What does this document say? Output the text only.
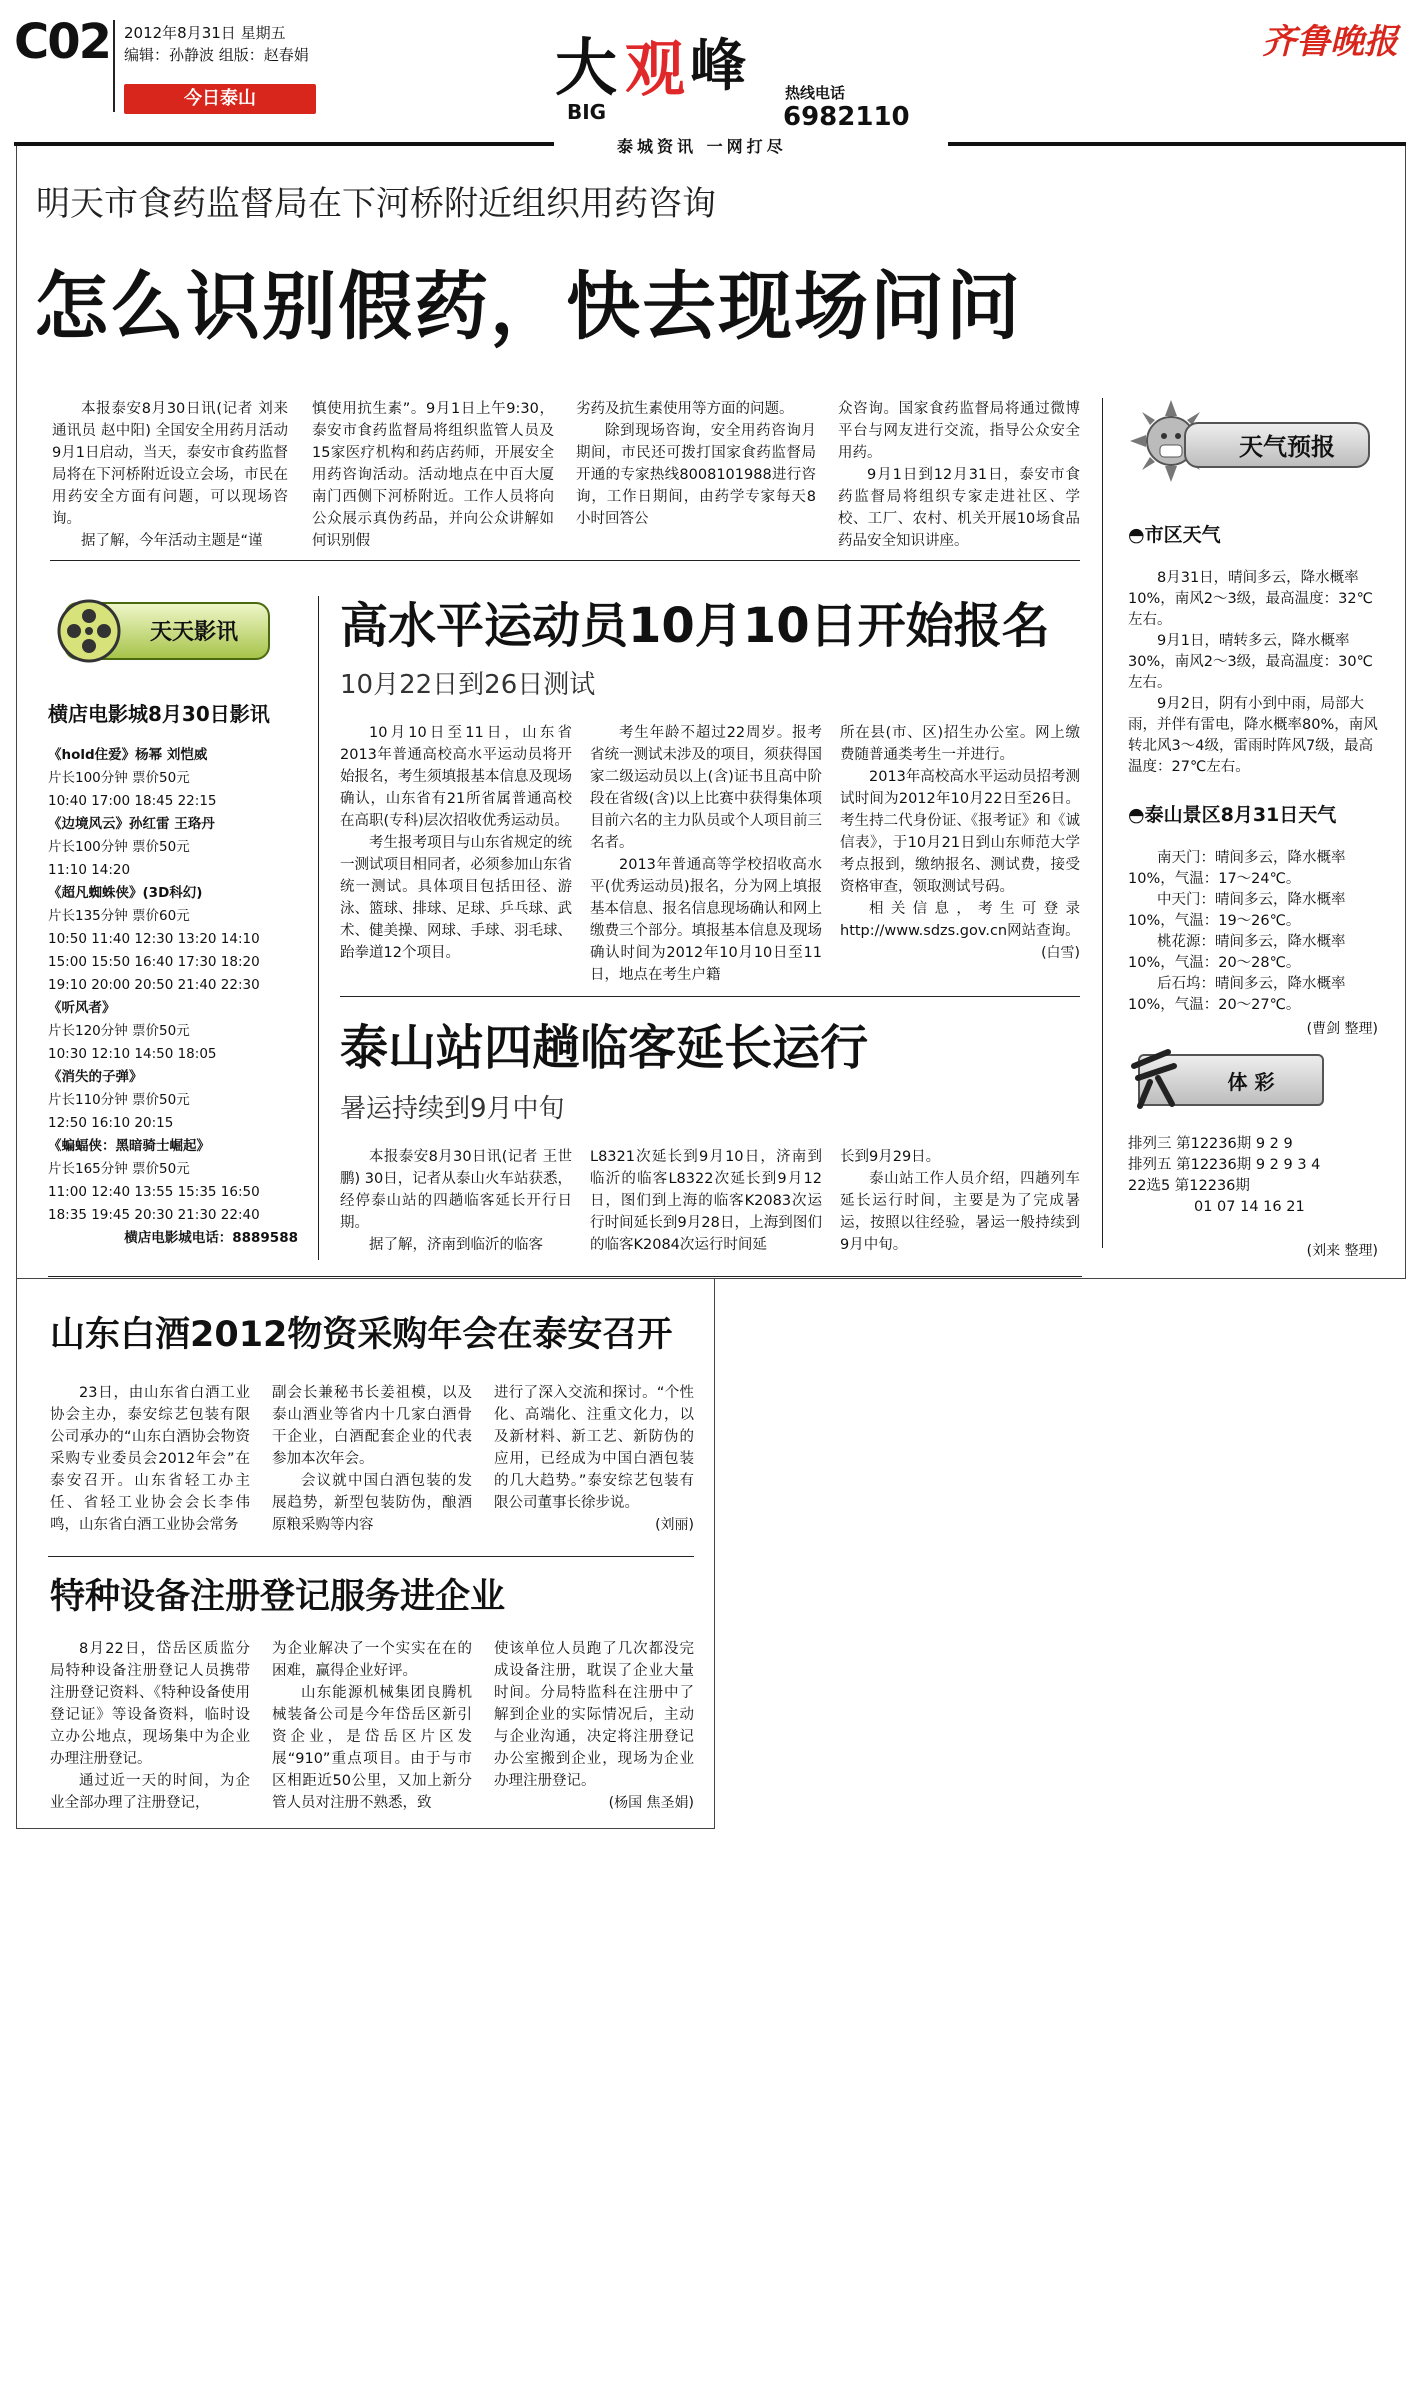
C02 2012年8月31日 星期五
编辑：孙静波 组版：赵春娟
今日泰山	大 观 峰
BIG
热线电话
6982110
泰城资讯 一网打尽
齐鲁晚报
明天市食药监督局在下河桥附近组织用药咨询
怎么识别假药，快去现场问问

本报泰安8月30日讯(记者 刘来 通讯员 赵中阳) 全国安全用药月活动9月1日启动，当天，泰安市食药监督局将在下河桥附近设立会场，市民在用药安全方面有问题，可以现场咨询。

据了解，今年活动主题是“谨

慎使用抗生素”。9月1日上午9:30，泰安市食药监督局将组织监管人员及15家医疗机构和药店药师，开展安全用药咨询活动。活动地点在中百大厦南门西侧下河桥附近。工作人员将向公众展示真伪药品，并向公众讲解如何识别假

劣药及抗生素使用等方面的问题。

除到现场咨询，安全用药咨询月期间，市民还可拨打国家食药监督局开通的专家热线8008101988进行咨询，工作日期间，由药学专家每天8小时回答公

众咨询。国家食药监督局将通过微博平台与网友进行交流，指导公众安全用药。

9月1日到12月31日，泰安市食药监督局将组织专家走进社区、学校、工厂、农村、机关开展10场食品药品安全知识讲座。

天气预报
◓市区天气

8月31日，晴间多云，降水概率10%，南风2～3级，最高温度：32℃左右。

9月1日，晴转多云，降水概率30%，南风2～3级，最高温度：30℃左右。

9月2日，阴有小到中雨，局部大雨，并伴有雷电，降水概率80%，南风转北风3～4级，雷雨时阵风7级，最高温度：27℃左右。

◓泰山景区8月31日天气

南天门：晴间多云，降水概率10%，气温：17～24℃。

中天门：晴间多云，降水概率10%，气温：19～26℃。

桃花源：晴间多云，降水概率10%，气温：20～28℃。

后石坞：晴间多云，降水概率10%，气温：20～27℃。

(曹剑 整理)
体 彩
排列三 第12236期 9 2 9
排列五 第12236期 9 2 9 3 4
22选5 第12236期
01 07 14 16 21
(刘来 整理)
天天影讯
横店电影城8月30日影讯
《hold住爱》杨幂 刘恺威
片长100分钟 票价50元
10:40 17:00 18:45 22:15
《边境风云》孙红雷 王珞丹
片长100分钟 票价50元
11:10 14:20
《超凡蜘蛛侠》(3D科幻)
片长135分钟 票价60元
10:50 11:40 12:30 13:20 14:10 15:00 15:50 16:40 17:30 18:20 19:10 20:00 20:50 21:40 22:30
《听风者》
片长120分钟 票价50元
10:30 12:10 14:50 18:05
《消失的子弹》
片长110分钟 票价50元
12:50 16:10 20:15
《蝙蝠侠：黑暗骑士崛起》
片长165分钟 票价50元
11:00 12:40 13:55 15:35 16:50 18:35 19:45 20:30 21:30 22:40
横店电影城电话：8889588
高水平运动员10月10日开始报名
10月22日到26日测试

10月10日至11日，山东省2013年普通高校高水平运动员将开始报名，考生须填报基本信息及现场确认，山东省有21所省属普通高校在高职(专科)层次招收优秀运动员。

考生报考项目与山东省规定的统一测试项目相同者，必须参加山东省统一测试。具体项目包括田径、游泳、篮球、排球、足球、乒乓球、武术、健美操、网球、手球、羽毛球、跆拳道12个项目。

考生年龄不超过22周岁。报考省统一测试未涉及的项目，须获得国家二级运动员以上(含)证书且高中阶段在省级(含)以上比赛中获得集体项目前六名的主力队员或个人项目前三名者。

2013年普通高等学校招收高水平(优秀运动员)报名，分为网上填报基本信息、报名信息现场确认和网上缴费三个部分。填报基本信息及现场确认时间为2012年10月10日至11日，地点在考生户籍

所在县(市、区)招生办公室。网上缴费随普通类考生一并进行。

2013年高校高水平运动员招考测试时间为2012年10月22日至26日。考生持二代身份证、《报考证》和《诚信表》，于10月21日到山东师范大学考点报到，缴纳报名、测试费，接受资格审查，领取测试号码。

相关信息，考生可登录http://www.sdzs.gov.cn网站查询。

(白雪)
泰山站四趟临客延长运行
暑运持续到9月中旬

本报泰安8月30日讯(记者 王世鹏) 30日，记者从泰山火车站获悉，经停泰山站的四趟临客延长开行日期。

据了解，济南到临沂的临客

L8321次延长到9月10日，济南到临沂的临客L8322次延长到9月12日，图们到上海的临客K2083次运行时间延长到9月28日，上海到图们的临客K2084次运行时间延

长到9月29日。

泰山站工作人员介绍，四趟列车延长运行时间，主要是为了完成暑运，按照以往经验，暑运一般持续到9月中旬。

山东白酒2012物资采购年会在泰安召开

23日，由山东省白酒工业协会主办，泰安综艺包装有限公司承办的“山东白酒协会物资采购专业委员会2012年会”在泰安召开。山东省轻工办主任、省轻工业协会会长李伟鸣，山东省白酒工业协会常务

副会长兼秘书长姜祖模，以及泰山酒业等省内十几家白酒骨干企业，白酒配套企业的代表参加本次年会。

会议就中国白酒包装的发展趋势，新型包装防伪，酿酒原粮采购等内容

进行了深入交流和探讨。“个性化、高端化、注重文化力，以及新材料、新工艺、新防伪的应用，已经成为中国白酒包装的几大趋势。”泰安综艺包装有限公司董事长徐步说。

(刘丽)
特种设备注册登记服务进企业

8月22日，岱岳区质监分局特种设备注册登记人员携带注册登记资料、《特种设备使用登记证》等设备资料，临时设立办公地点，现场集中为企业办理注册登记。

通过近一天的时间，为企业全部办理了注册登记，

为企业解决了一个实实在在的困难，赢得企业好评。

山东能源机械集团良腾机械装备公司是今年岱岳区新引资企业，是岱岳区片区发展“910”重点项目。由于与市区相距近50公里，又加上新分管人员对注册不熟悉，致

使该单位人员跑了几次都没完成设备注册，耽误了企业大量时间。分局特监科在注册中了解到企业的实际情况后，主动与企业沟通，决定将注册登记办公室搬到企业，现场为企业办理注册登记。

(杨国 焦圣娟)
